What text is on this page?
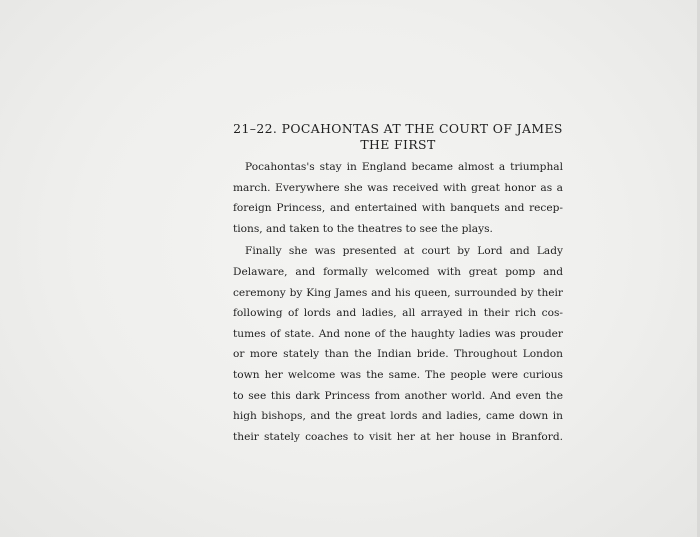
21–22. POCAHONTAS AT THE COURT OF JAMES
THE FIRST

Pocahontas's stay in England became almost a triumphal
march. Everywhere she was received with great honor as a
foreign Princess, and entertained with banquets and recep-
tions, and taken to the theatres to see the plays.

Finally she was presented at court by Lord and Lady
Delaware, and formally welcomed with great pomp and
ceremony by King James and his queen, surrounded by their
following of lords and ladies, all arrayed in their rich cos-
tumes of state. And none of the haughty ladies was prouder
or more stately than the Indian bride. Throughout London
town her welcome was the same. The people were curious
to see this dark Princess from another world. And even the
high bishops, and the great lords and ladies, came down in
their stately coaches to visit her at her house in Branford.
